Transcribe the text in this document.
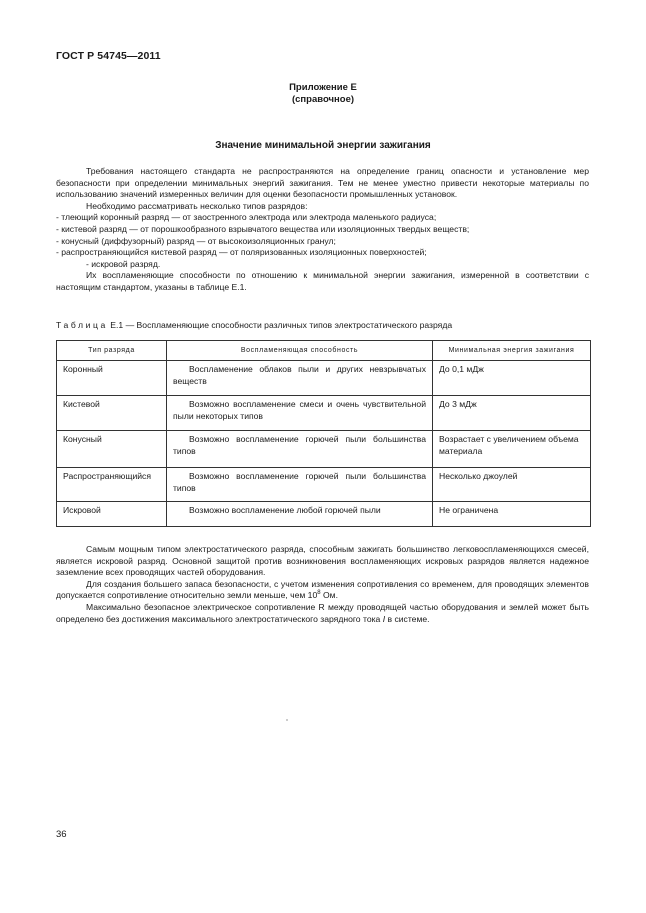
ГОСТ Р 54745—2011
Приложение Е
(справочное)
Значение минимальной энергии зажигания

Требования настоящего стандарта не распространяются на определение границ опасности и установление мер безопасности при определении минимальных энергий зажигания. Тем не менее уместно привести некоторые материалы по использованию значений измеренных величин для оценки безопасности промышленных установок.

Необходимо рассматривать несколько типов разрядов:

- тлеющий коронный разряд — от заостренного электрода или электрода маленького радиуса;

- кистевой разряд — от порошкообразного взрывчатого вещества или изоляционных твердых веществ;

- конусный (диффузорный) разряд — от высокоизоляционных гранул;

- распространяющийся кистевой разряд — от поляризованных изоляционных поверхностей;

- искровой разряд.

Их воспламеняющие способности по отношению к минимальной энергии зажигания, измеренной в соответствии с настоящим стандартом, указаны в таблице Е.1.

Таблица Е.1 — Воспламеняющие способности различных типов электростатического разряда
Тип разряда	Воспламеняющая способность	Минимальная энергия зажигания
Коронный	Воспламенение облаков пыли и других невзрывчатых веществ	До 0,1 мДж
Кистевой	Возможно воспламенение смеси и очень чувствительной пыли некоторых типов	До 3 мДж
Конусный	Возможно воспламенение горючей пыли большинства типов	Возрастает с увеличением объема материала
Распространяющийся	Возможно воспламенение горючей пыли большинства типов	Несколько джоулей
Искровой	Возможно воспламенение любой горючей пыли	Не ограничена

Самым мощным типом электростатического разряда, способным зажигать большинство легковоспламеняющихся смесей, является искровой разряд. Основной защитой против возникновения воспламеняющих искровых разрядов является надежное заземление всех проводящих частей оборудования.

Для создания большего запаса безопасности, с учетом изменения сопротивления со временем, для проводящих элементов допускается сопротивление относительно земли меньше, чем $10^8$ Ом.

Максимально безопасное электрическое сопротивление R между проводящей частью оборудования и землей может быть определено без достижения максимального электростатического зарядного тока I в системе.

36
